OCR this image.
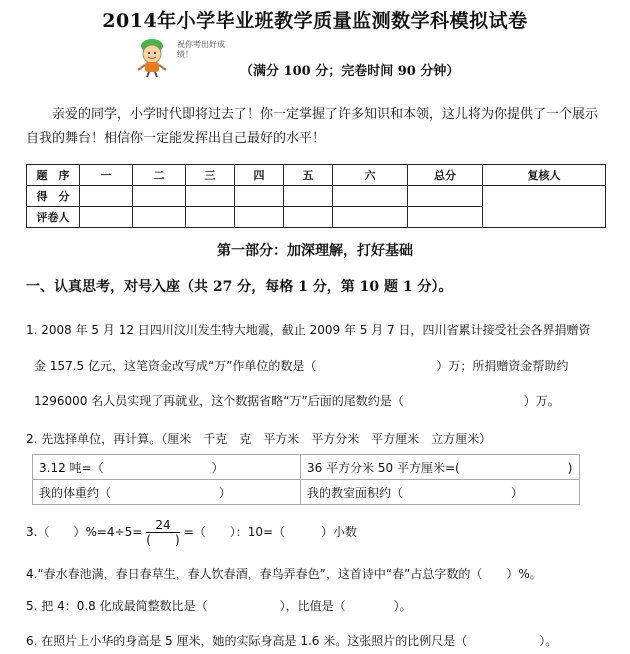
2014年小学毕业班教学质量监测数学科模拟试卷
祝你考出好成绩！
（满分 100 分；完卷时间 90 分钟）
亲爱的同学，小学时代即将过去了！你一定掌握了许多知识和本领，这儿将为你提供了一个展示自我的舞台！相信你一定能发挥出自己最好的水平！
题　序	一	二	三	四	五	六	总分	复核人
得　分								
评卷人								
第一部分：加深理解，打好基础
一、认真思考，对号入座（共 27 分，每格 1 分，第 10 题 1 分）。
1. 2008 年 5 月 12 日四川汶川发生特大地震，截止 2009 年 5 月 7 日，四川省累计接受社会各界捐赠资
金 157.5 亿元，这笔资金改写成“万”作单位的数是（　　　　　　　　　　）万；所捐赠资金帮助约
1296000 名人员实现了再就业，这个数据省略“万”后面的尾数约是（　　　　　　　　　　）万。
2. 先选择单位，再计算。（厘米　千克　克　平方米　平方分米　平方厘米　立方厘米）
3.12 吨=（　　　　　　　　　）	36 平方分米 50 平方厘米=(　　　　　　　　　)
我的体重约（　　　　　　　　　）	我的教室面积约（　　　　　　　　　）
3.（　　）$\%=4\div 5= \frac{24}{( )}$ =（　　）：10=（　　　）小数
4.“春水春池满，春日春草生，春人饮春酒，春鸟弄春色”，这首诗中“春”占总字数的（　　）%。
5. 把 4：0.8 化成最简整数比是（　　　　　　），比值是（　　　　）。
6. 在照片上小华的身高是 5 厘米，她的实际身高是 1.6 米。这张照片的比例尺是（　　　　　　）。
